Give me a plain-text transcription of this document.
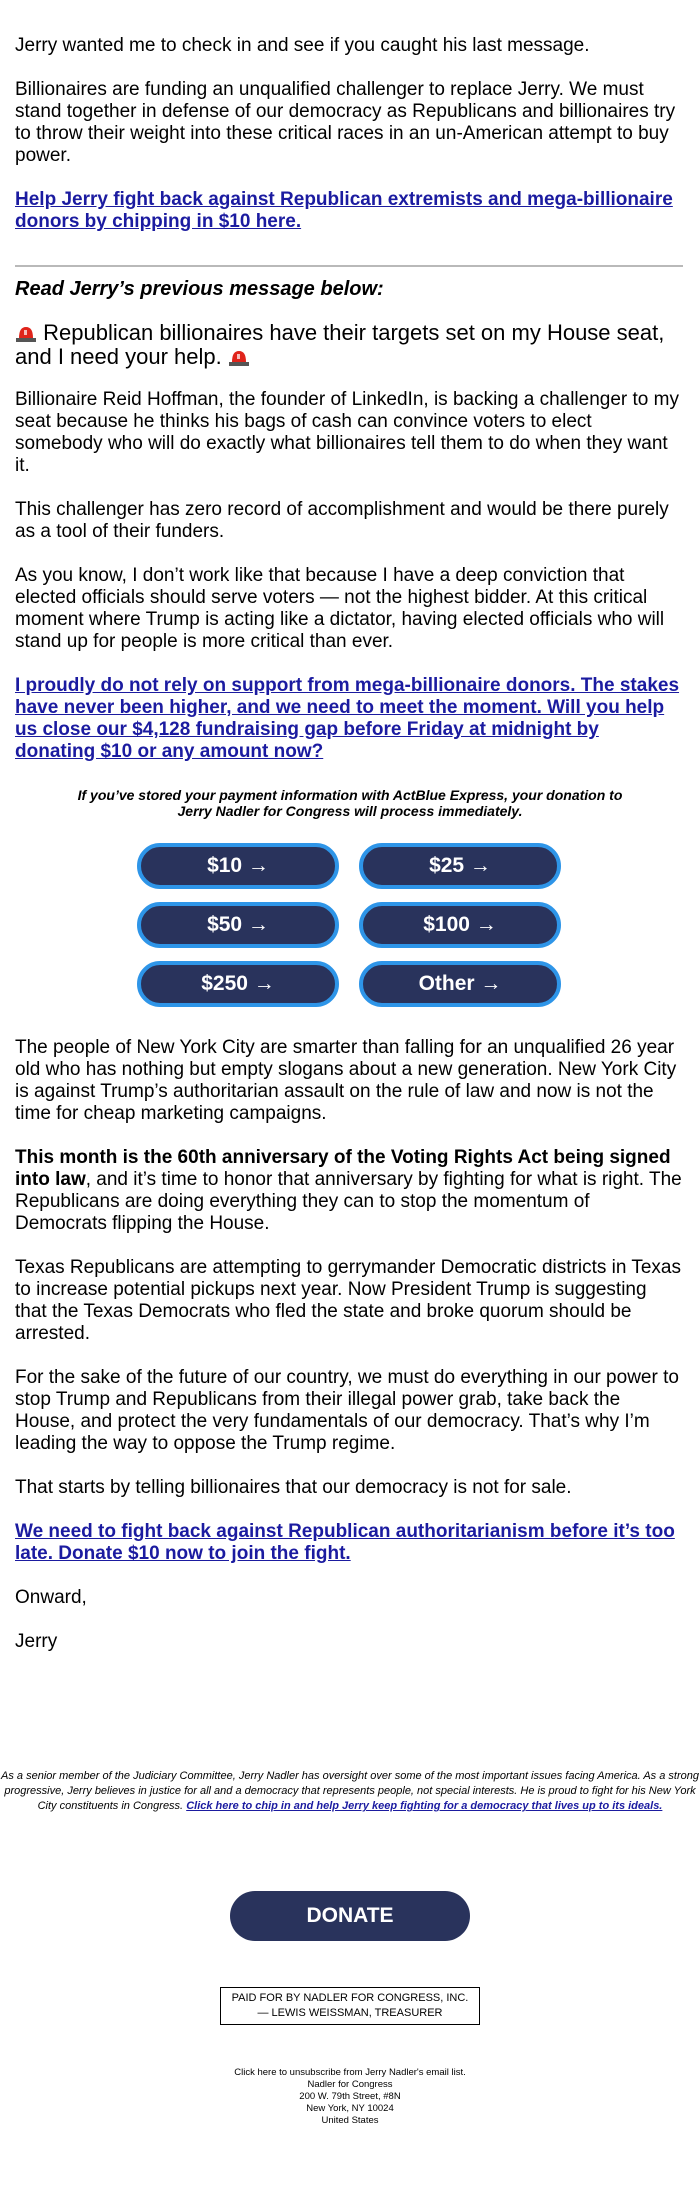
Jerry wanted me to check in and see if you caught his last message.

Billionaires are funding an unqualified challenger to replace Jerry. We must stand together in defense of our democracy as Republicans and billionaires try to throw their weight into these critical races in an un-American attempt to buy power.

Help Jerry fight back against Republican extremists and mega-billionaire donors by chipping in $10 here.

Read Jerry’s previous message below:

Republican billionaires have their targets set on my House seat, and I need your help.

Billionaire Reid Hoffman, the founder of LinkedIn, is backing a challenger to my seat because he thinks his bags of cash can convince voters to elect somebody who will do exactly what billionaires tell them to do when they want it.

This challenger has zero record of accomplishment and would be there purely as a tool of their funders.

As you know, I don’t work like that because I have a deep conviction that elected officials should serve voters — not the highest bidder. At this critical moment where Trump is acting like a dictator, having elected officials who will stand up for people is more critical than ever.

I proudly do not rely on support from mega-billionaire donors. The stakes have never been higher, and we need to meet the moment. Will you help us close our $4,128 fundraising gap before Friday at midnight by donating $10 or any amount now?

If you’ve stored your payment information with ActBlue Express, your donation to Jerry Nadler for Congress will process immediately.

$10 →	$25 →
$50 →	$100 →
$250 →	Other →

The people of New York City are smarter than falling for an unqualified 26 year old who has nothing but empty slogans about a new generation. New York City is against Trump’s authoritarian assault on the rule of law and now is not the time for cheap marketing campaigns.

This month is the 60th anniversary of the Voting Rights Act being signed into law, and it’s time to honor that anniversary by fighting for what is right. The Republicans are doing everything they can to stop the momentum of Democrats flipping the House.

Texas Republicans are attempting to gerrymander Democratic districts in Texas to increase potential pickups next year. Now President Trump is suggesting that the Texas Democrats who fled the state and broke quorum should be arrested.

For the sake of the future of our country, we must do everything in our power to stop Trump and Republicans from their illegal power grab, take back the House, and protect the very fundamentals of our democracy. That’s why I’m leading the way to oppose the Trump regime.

That starts by telling billionaires that our democracy is not for sale.

We need to fight back against Republican authoritarianism before it’s too late. Donate $10 now to join the fight.

Onward,

Jerry

As a senior member of the Judiciary Committee, Jerry Nadler has oversight over some of the most important issues facing America. As a strong progressive, Jerry believes in justice for all and a democracy that represents people, not special interests. He is proud to fight for his New York City constituents in Congress. Click here to chip in and help Jerry keep fighting for a democracy that lives up to its ideals.
DONATE
PAID FOR BY NADLER FOR CONGRESS, INC.
— LEWIS WEISSMAN, TREASURER
Click here to unsubscribe from Jerry Nadler's email list.
Nadler for Congress
200 W. 79th Street, #8N
New York, NY 10024
United States
